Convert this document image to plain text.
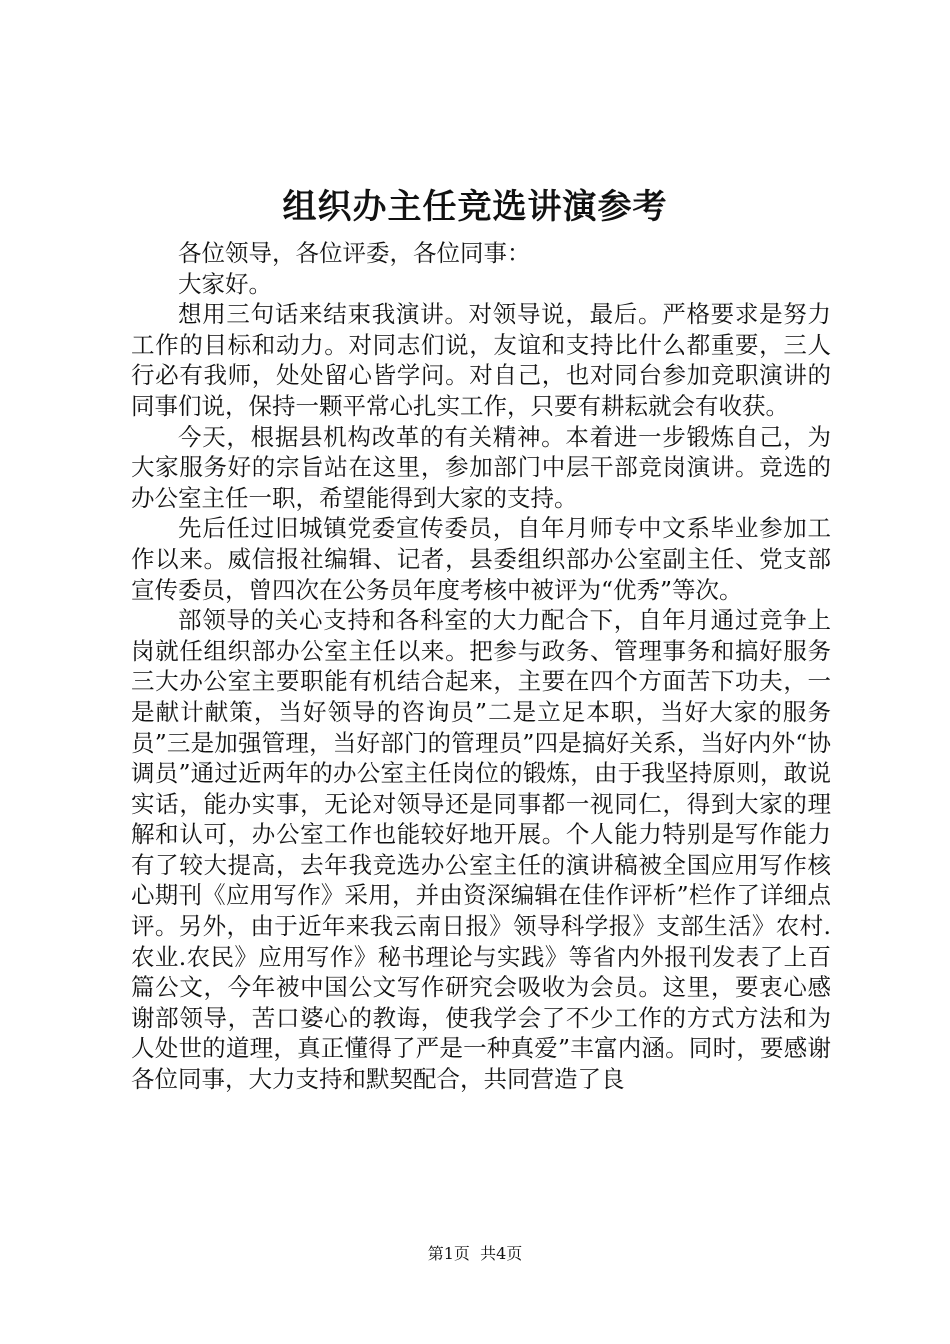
组织办主任竞选讲演参考

各位领导，各位评委，各位同事：

大家好。

想用三句话来结束我演讲。对领导说，最后。严格要求是努力工作的目标和动力。对同志们说，友谊和支持比什么都重要，三人行必有我师，处处留心皆学问。对自己，也对同台参加竞职演讲的同事们说，保持一颗平常心扎实工作，只要有耕耘就会有收获。

今天，根据县机构改革的有关精神。本着进一步锻炼自己，为大家服务好的宗旨站在这里，参加部门中层干部竞岗演讲。竞选的办公室主任一职，希望能得到大家的支持。

先后任过旧城镇党委宣传委员，自年月师专中文系毕业参加工作以来。威信报社编辑、记者，县委组织部办公室副主任、党支部宣传委员，曾四次在公务员年度考核中被评为“优秀”等次。

部领导的关心支持和各科室的大力配合下，自年月通过竞争上岗就任组织部办公室主任以来。把参与政务、管理事务和搞好服务三大办公室主要职能有机结合起来，主要在四个方面苦下功夫，一是献计献策，当好领导的咨询员”二是立足本职，当好大家的服务员”三是加强管理，当好部门的管理员”四是搞好关系，当好内外“协调员”通过近两年的办公室主任岗位的锻炼，由于我坚持原则，敢说实话，能办实事，无论对领导还是同事都一视同仁，得到大家的理解和认可，办公室工作也能较好地开展。个人能力特别是写作能力有了较大提高，去年我竞选办公室主任的演讲稿被全国应用写作核心期刊《应用写作》采用，并由资深编辑在佳作评析”栏作了详细点评。另外，由于近年来我云南日报》领导科学报》支部生活》农村.农业.农民》应用写作》秘书理论与实践》等省内外报刊发表了上百篇公文，今年被中国公文写作研究会吸收为会员。这里，要衷心感谢部领导，苦口婆心的教诲，使我学会了不少工作的方式方法和为人处世的道理，真正懂得了严是一种真爱”丰富内涵。同时，要感谢各位同事，大力支持和默契配合，共同营造了良

第1页 共4页
